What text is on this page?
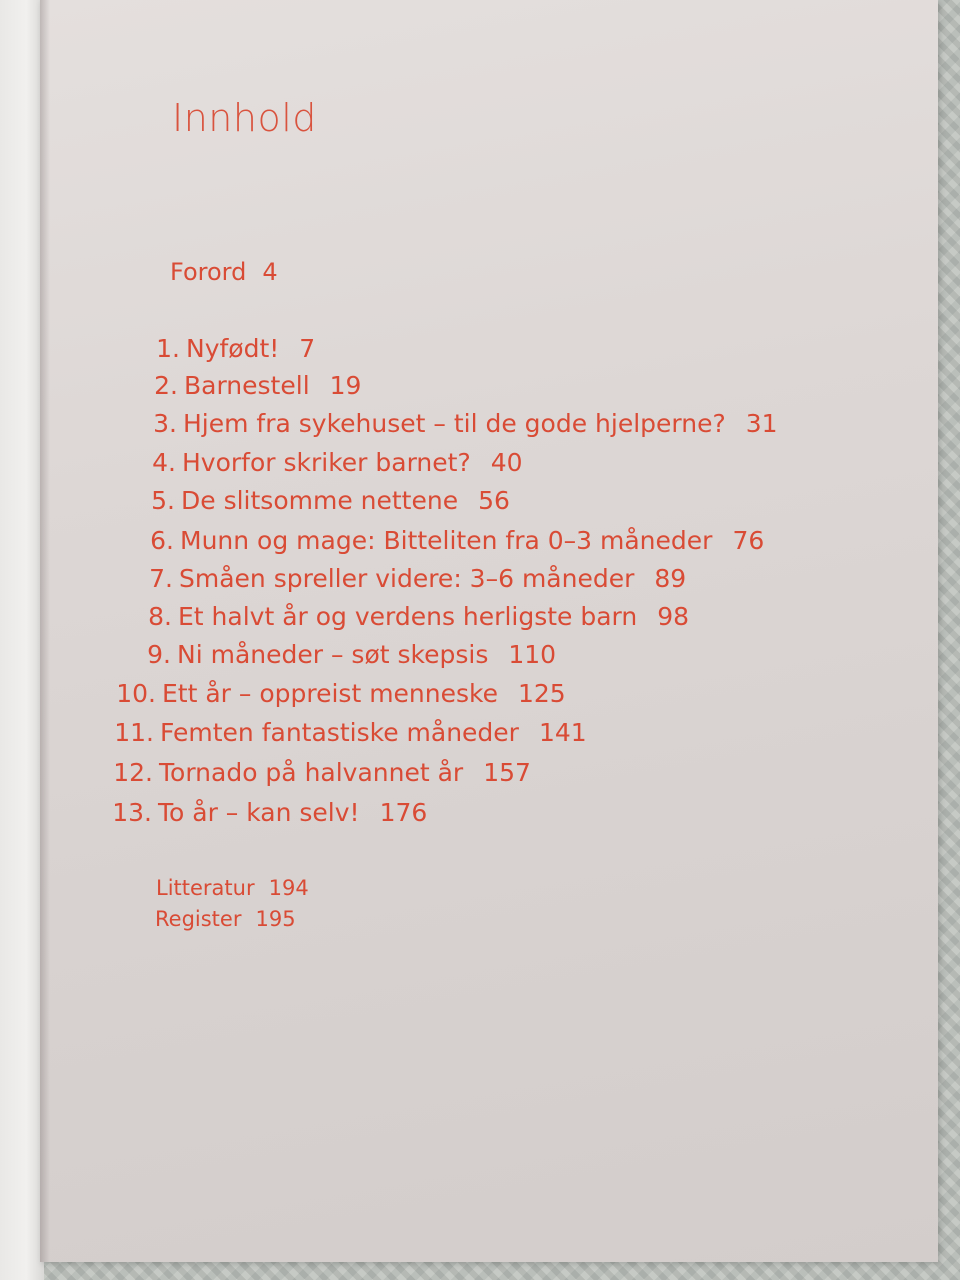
Innhold
Forord 4
1. Nyfødt! 7
2. Barnestell 19
3. Hjem fra sykehuset – til de gode hjelperne? 31
4. Hvorfor skriker barnet? 40
5. De slitsomme nettene 56
6. Munn og mage: Bitteliten fra 0–3 måneder 76
7. Småen spreller videre: 3–6 måneder 89
8. Et halvt år og verdens herligste barn 98
9. Ni måneder – søt skepsis 110
10. Ett år – oppreist menneske 125
11. Femten fantastiske måneder 141
12. Tornado på halvannet år 157
13. To år – kan selv! 176
Litteratur 194
Register 195
